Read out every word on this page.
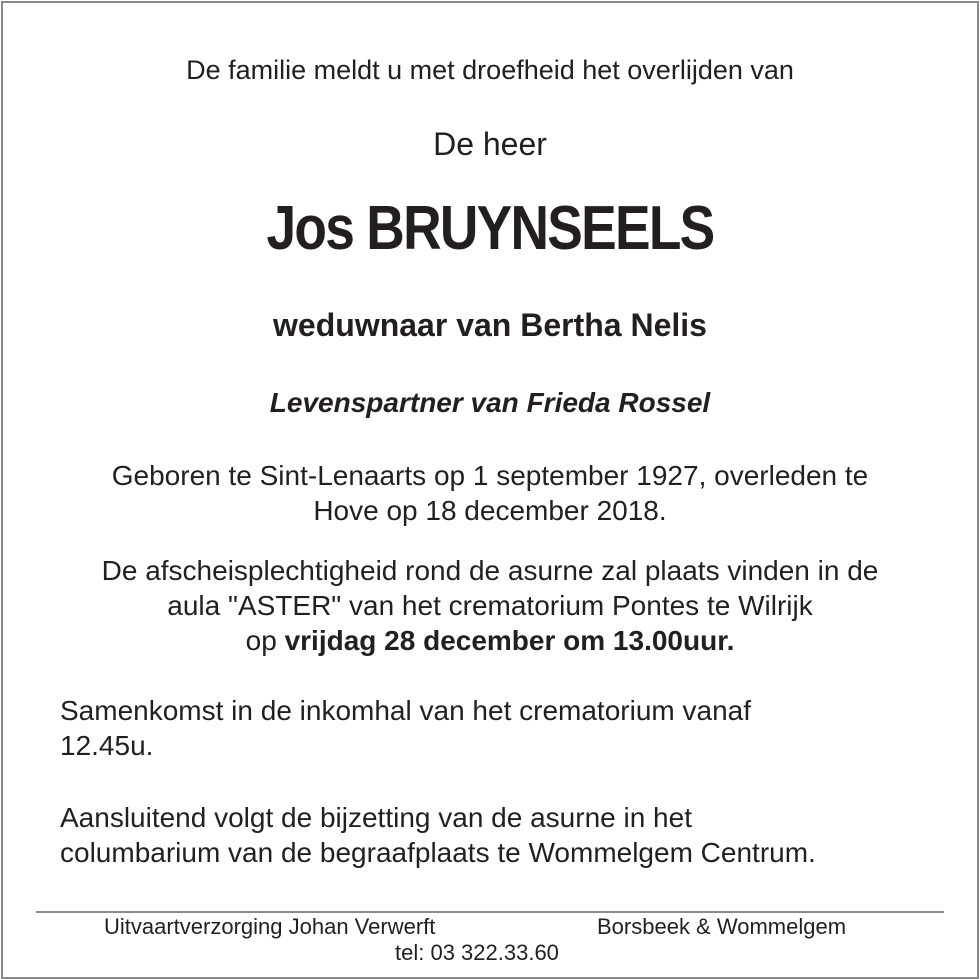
De familie meldt u met droefheid het overlijden van
De heer
Jos BRUYNSEELS
weduwnaar van Bertha Nelis
Levenspartner van Frieda Rossel
Geboren te Sint-Lenaarts op 1 september 1927, overleden te
Hove op 18 december 2018.
De afscheisplechtigheid rond de asurne zal plaats vinden in de
aula "ASTER" van het crematorium Pontes te Wilrijk
op vrijdag 28 december om 13.00uur.
Samenkomst in de inkomhal van het crematorium vanaf
12.45u.
Aansluitend volgt de bijzetting van de asurne in het
columbarium van de begraafplaats te Wommelgem Centrum.
Uitvaartverzorging Johan Verwerft	Borsbeek & Wommelgem
tel: 03 322.33.60
